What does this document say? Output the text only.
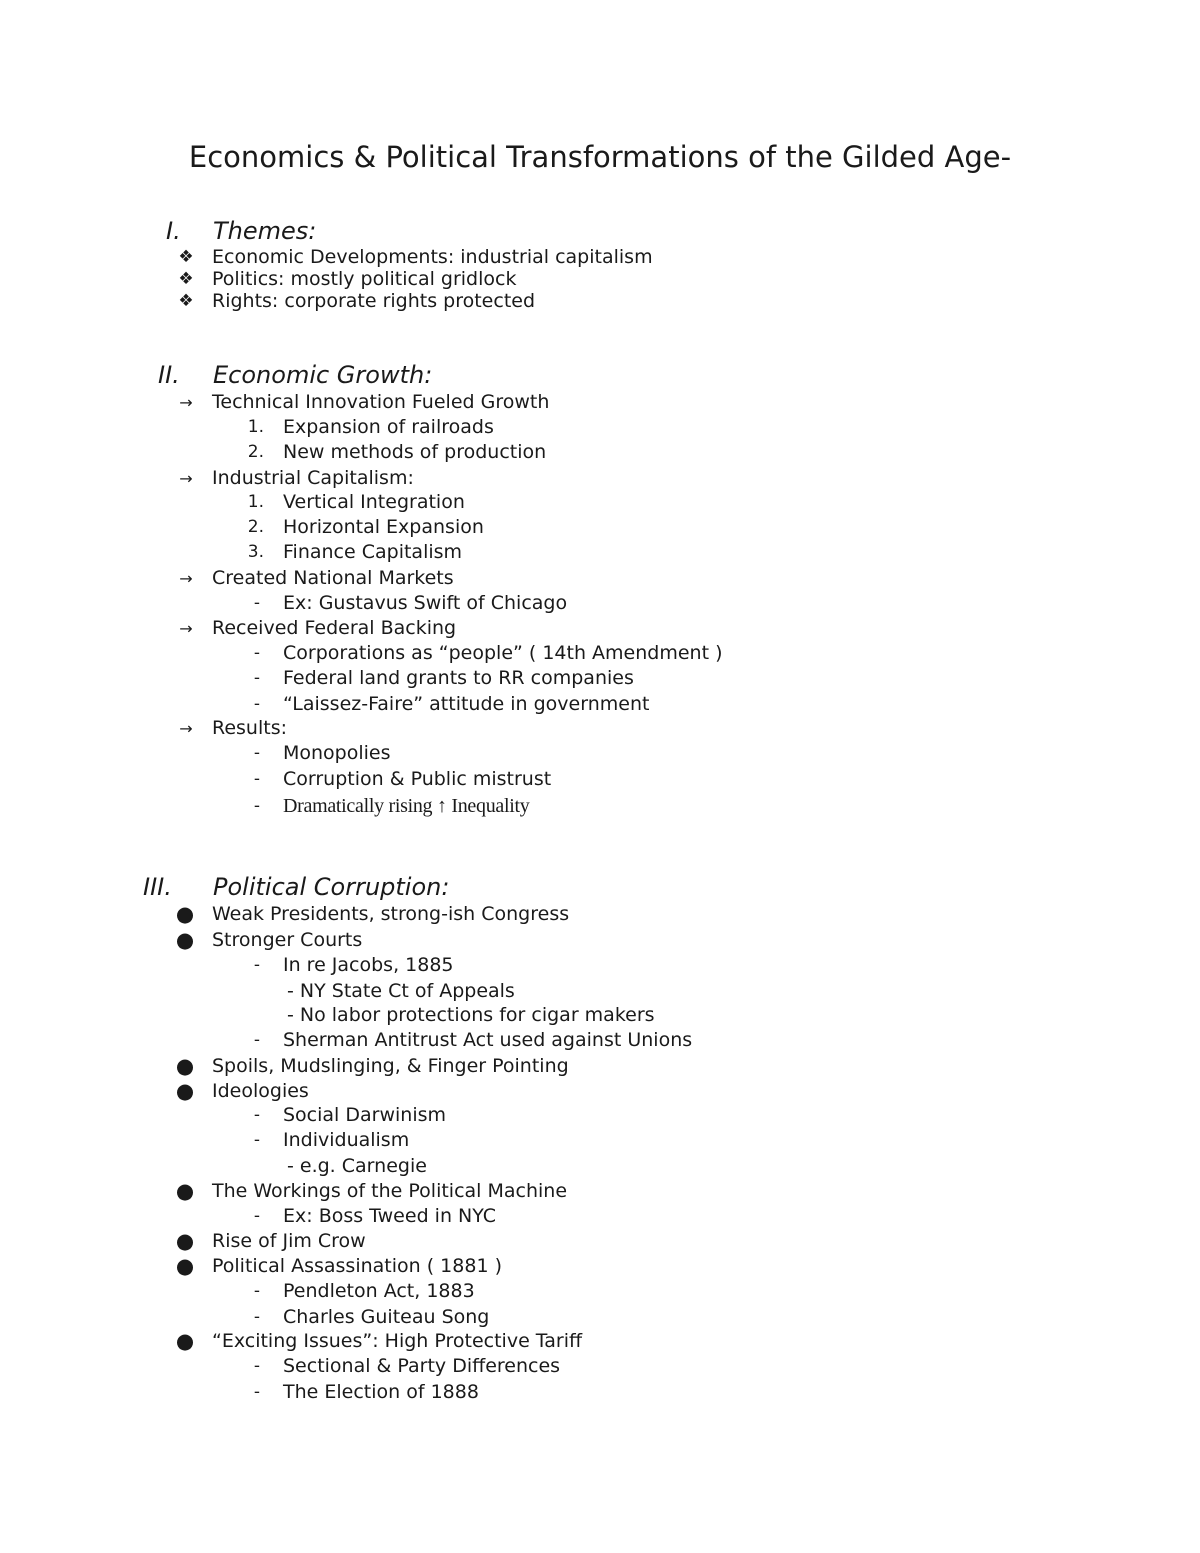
Economics & Political Transformations of the Gilded Age-
I. Themes:
❖ Economic Developments: industrial capitalism
❖ Politics: mostly political gridlock
❖ Rights: corporate rights protected
II. Economic Growth:
→ Technical Innovation Fueled Growth
1. Expansion of railroads
2. New methods of production
→ Industrial Capitalism:
1. Vertical Integration
2. Horizontal Expansion
3. Finance Capitalism
→ Created National Markets
-	Ex: Gustavus Swift of Chicago
→ Received Federal Backing
-	Corporations as “people” ( 14th Amendment )
-	Federal land grants to RR companies
-	“Laissez-Faire” attitude in government
→ Results:
-	Monopolies
-	Corruption & Public mistrust
-	Dramatically rising ↑ Inequality
III. Political Corruption:
● Weak Presidents, strong-ish Congress
● Stronger Courts
-	In re Jacobs, 1885
- NY State Ct of Appeals
- No labor protections for cigar makers
-	Sherman Antitrust Act used against Unions
● Spoils, Mudslinging, & Finger Pointing
● Ideologies
-	Social Darwinism
-	Individualism
- e.g. Carnegie
● The Workings of the Political Machine
-	Ex: Boss Tweed in NYC
● Rise of Jim Crow
● Political Assassination ( 1881 )
-	Pendleton Act, 1883
-	Charles Guiteau Song
● “Exciting Issues”: High Protective Tariff
-	Sectional & Party Differences
-	The Election of 1888
